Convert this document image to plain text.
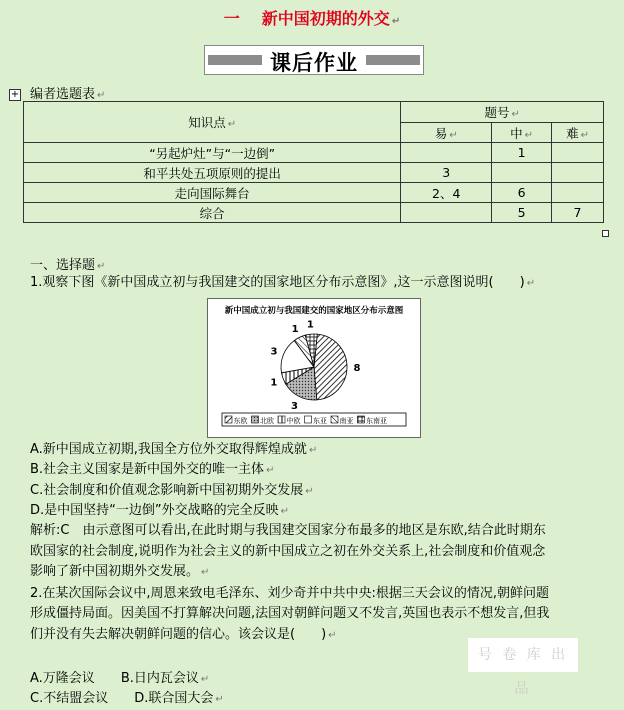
一 新中国初期的外交 ↵
课后作业
+ 编者选题表 ↵
知识点 ↵	题号 ↵		
	易 ↵	中 ↵	难 ↵
“另起炉灶”与“一边倒”		1	
和平共处五项原则的提出	3		
走向国际舞台	2、4	6	
综合		5	7
一、选择题 ↵
1.观察下图《新中国成立初与我国建交的国家地区分布示意图》,这一示意图说明(　　) ↵
新中国成立初与我国建交的国家地区分布示意图
8
3
1
3
1 1
东欧 北欧 中欧 东亚 南亚 东南亚
A.新中国成立初期,我国全方位外交取得辉煌成就 ↵
B.社会主义国家是新中国外交的唯一主体 ↵
C.社会制度和价值观念影响新中国初期外交发展 ↵
D.是中国坚持“一边倒”外交战略的完全反映 ↵
解析:C　由示意图可以看出,在此时期与我国建交国家分布最多的地区是东欧,结合此时期东
欧国家的社会制度,说明作为社会主义的新中国成立之初在外交关系上,社会制度和价值观念
影响了新中国初期外交发展。 ↵
2.在某次国际会议中,周恩来致电毛泽东、刘少奇并中共中央:根据三天会议的情况,朝鲜问题
形成僵持局面。因美国不打算解决问题,法国对朝鲜问题又不发言,英国也表示不想发言,但我
们并没有失去解决朝鲜问题的信心。该会议是(　　) ↵
号 卷 库 出 品
A.万隆会议 B.日内瓦会议 ↵
C.不结盟会议 D.联合国大会 ↵
